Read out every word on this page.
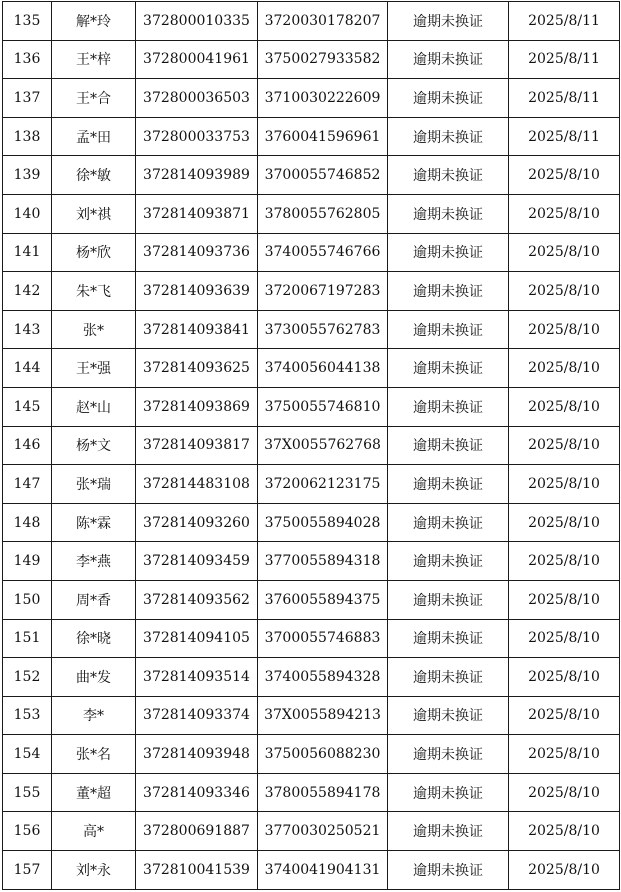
135	解*玲	372800010335	3720030178207	逾期未换证	2025/8/11
136	王*梓	372800041961	3750027933582	逾期未换证	2025/8/11
137	王*合	372800036503	3710030222609	逾期未换证	2025/8/11
138	孟*田	372800033753	3760041596961	逾期未换证	2025/8/11
139	徐*敏	372814093989	3700055746852	逾期未换证	2025/8/10
140	刘*祺	372814093871	3780055762805	逾期未换证	2025/8/10
141	杨*欣	372814093736	3740055746766	逾期未换证	2025/8/10
142	朱*飞	372814093639	3720067197283	逾期未换证	2025/8/10
143	张*	372814093841	3730055762783	逾期未换证	2025/8/10
144	王*强	372814093625	3740056044138	逾期未换证	2025/8/10
145	赵*山	372814093869	3750055746810	逾期未换证	2025/8/10
146	杨*文	372814093817	37X0055762768	逾期未换证	2025/8/10
147	张*瑞	372814483108	3720062123175	逾期未换证	2025/8/10
148	陈*霖	372814093260	3750055894028	逾期未换证	2025/8/10
149	李*燕	372814093459	3770055894318	逾期未换证	2025/8/10
150	周*香	372814093562	3760055894375	逾期未换证	2025/8/10
151	徐*晓	372814094105	3700055746883	逾期未换证	2025/8/10
152	曲*发	372814093514	3740055894328	逾期未换证	2025/8/10
153	李*	372814093374	37X0055894213	逾期未换证	2025/8/10
154	张*名	372814093948	3750056088230	逾期未换证	2025/8/10
155	董*超	372814093346	3780055894178	逾期未换证	2025/8/10
156	高*	372800691887	3770030250521	逾期未换证	2025/8/10
157	刘*永	372810041539	3740041904131	逾期未换证	2025/8/10
